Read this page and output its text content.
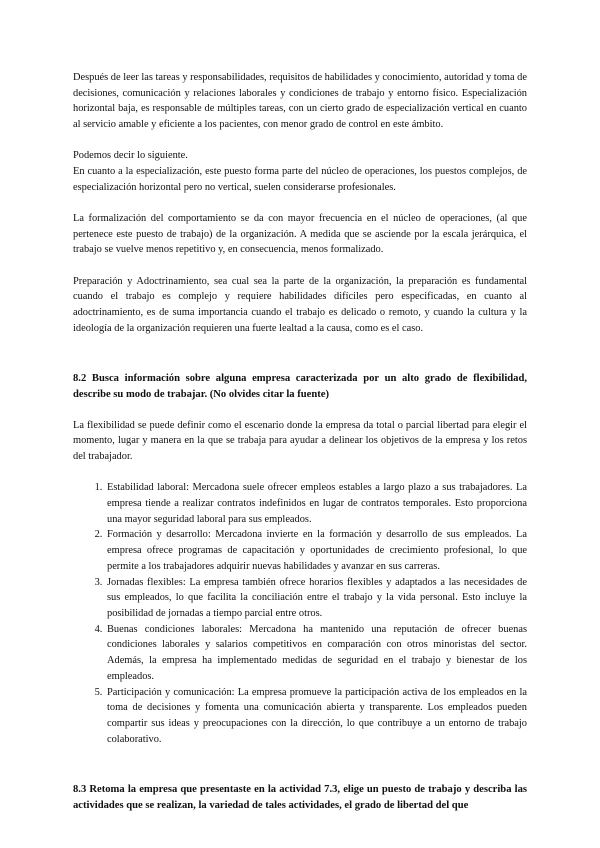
Después de leer las tareas y responsabilidades, requisitos de habilidades y conocimiento, autoridad y toma de decisiones, comunicación y relaciones laborales y condiciones de trabajo y entorno físico. Especialización horizontal baja, es responsable de múltiples tareas, con un cierto grado de especialización vertical en cuanto al servicio amable y eficiente a los pacientes, con menor grado de control en este ámbito.

Podemos decir lo siguiente.

En cuanto a la especialización, este puesto forma parte del núcleo de operaciones, los puestos complejos, de especialización horizontal pero no vertical, suelen considerarse profesionales.

La formalización del comportamiento se da con mayor frecuencia en el núcleo de operaciones, (al que pertenece este puesto de trabajo) de la organización. A medida que se asciende por la escala jerárquica, el trabajo se vuelve menos repetitivo y, en consecuencia, menos formalizado.

Preparación y Adoctrinamiento, sea cual sea la parte de la organización, la preparación es fundamental cuando el trabajo es complejo y requiere habilidades difíciles pero especificadas, en cuanto al adoctrinamiento, es de suma importancia cuando el trabajo es delicado o remoto, y cuando la cultura y la ideología de la organización requieren una fuerte lealtad a la causa, como es el caso.

8.2 Busca información sobre alguna empresa caracterizada por un alto grado de flexibilidad, describe su modo de trabajar. (No olvides citar la fuente)

La flexibilidad se puede definir como el escenario donde la empresa da total o parcial libertad para elegir el momento, lugar y manera en la que se trabaja para ayudar a delinear los objetivos de la empresa y los retos del trabajador.

1. Estabilidad laboral: Mercadona suele ofrecer empleos estables a largo plazo a sus trabajadores. La empresa tiende a realizar contratos indefinidos en lugar de contratos temporales. Esto proporciona una mayor seguridad laboral para sus empleados.
2. Formación y desarrollo: Mercadona invierte en la formación y desarrollo de sus empleados. La empresa ofrece programas de capacitación y oportunidades de crecimiento profesional, lo que permite a los trabajadores adquirir nuevas habilidades y avanzar en sus carreras.
3. Jornadas flexibles: La empresa también ofrece horarios flexibles y adaptados a las necesidades de sus empleados, lo que facilita la conciliación entre el trabajo y la vida personal. Esto incluye la posibilidad de jornadas a tiempo parcial entre otros.
4. Buenas condiciones laborales: Mercadona ha mantenido una reputación de ofrecer buenas condiciones laborales y salarios competitivos en comparación con otros minoristas del sector. Además, la empresa ha implementado medidas de seguridad en el trabajo y bienestar de los empleados.
5. Participación y comunicación: La empresa promueve la participación activa de los empleados en la toma de decisiones y fomenta una comunicación abierta y transparente. Los empleados pueden compartir sus ideas y preocupaciones con la dirección, lo que contribuye a un entorno de trabajo colaborativo.
8.3 Retoma la empresa que presentaste en la actividad 7.3, elige un puesto de trabajo y describa las actividades que se realizan, la variedad de tales actividades, el grado de libertad del que
